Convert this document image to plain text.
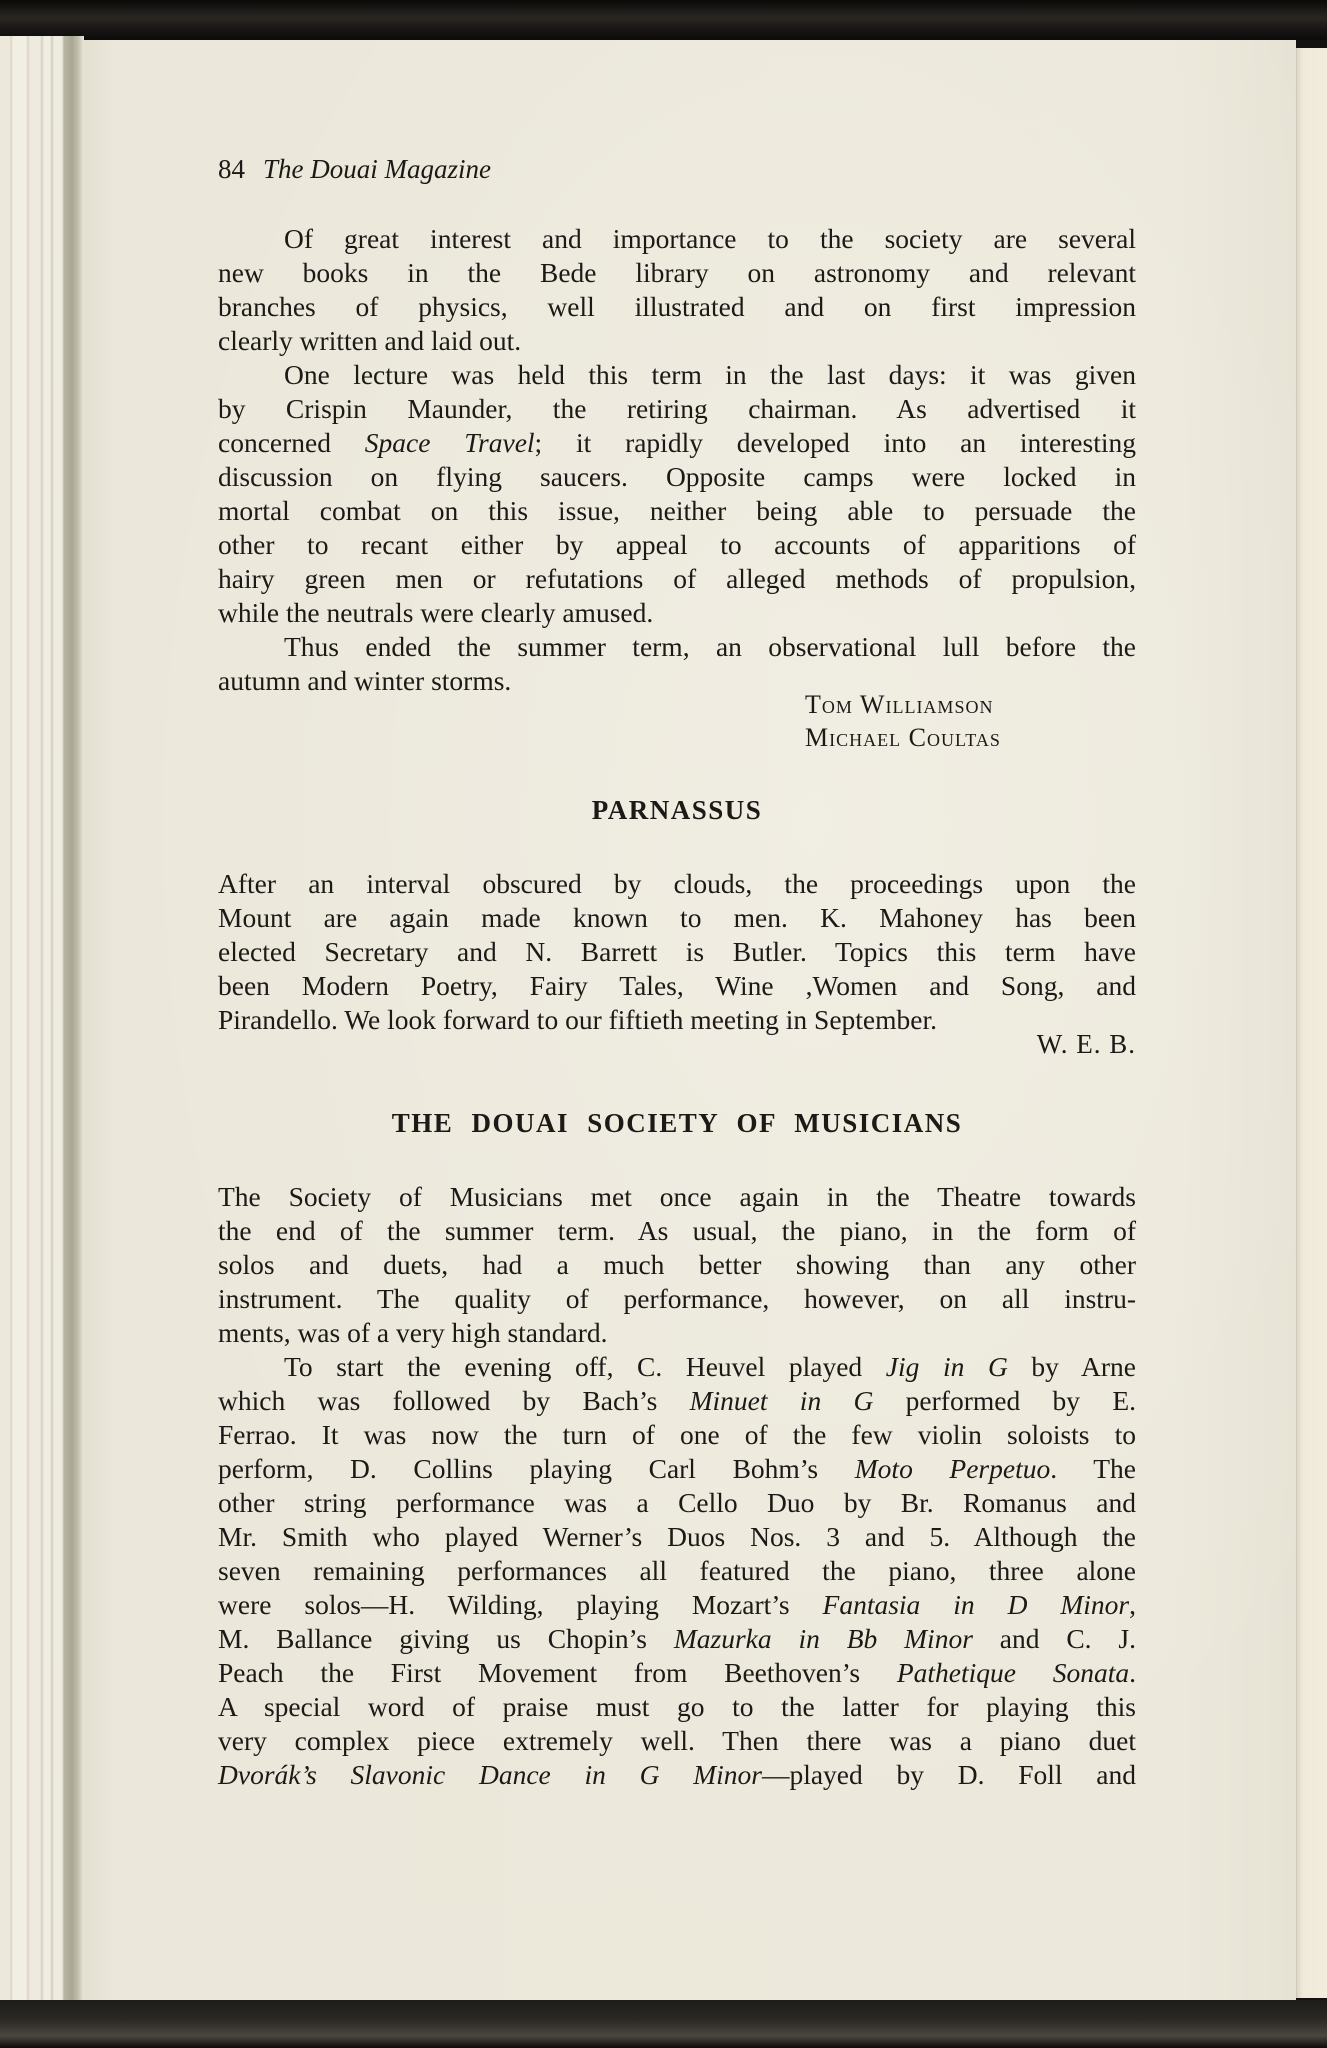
84 The Douai Magazine
Of great interest and importance to the society are several
new books in the Bede library on astronomy and relevant
branches of physics, well illustrated and on first impression
clearly written and laid out.
One lecture was held this term in the last days: it was given
by Crispin Maunder, the retiring chairman. As advertised it
concerned Space Travel; it rapidly developed into an interesting
discussion on flying saucers. Opposite camps were locked in
mortal combat on this issue, neither being able to persuade the
other to recant either by appeal to accounts of apparitions of
hairy green men or refutations of alleged methods of propulsion,
while the neutrals were clearly amused.
Thus ended the summer term, an observational lull before the
autumn and winter storms.
Tom Williamson
Michael Coultas
PARNASSUS
After an interval obscured by clouds, the proceedings upon the
Mount are again made known to men. K. Mahoney has been
elected Secretary and N. Barrett is Butler. Topics this term have
been Modern Poetry, Fairy Tales, Wine ,Women and Song, and
Pirandello. We look forward to our fiftieth meeting in September.
W. E. B.
THE DOUAI SOCIETY OF MUSICIANS
The Society of Musicians met once again in the Theatre towards
the end of the summer term. As usual, the piano, in the form of
solos and duets, had a much better showing than any other
instrument. The quality of performance, however, on all instru-
ments, was of a very high standard.
To start the evening off, C. Heuvel played Jig in G by Arne
which was followed by Bach’s Minuet in G performed by E.
Ferrao. It was now the turn of one of the few violin soloists to
perform, D. Collins playing Carl Bohm’s Moto Perpetuo. The
other string performance was a Cello Duo by Br. Romanus and
Mr. Smith who played Werner’s Duos Nos. 3 and 5. Although the
seven remaining performances all featured the piano, three alone
were solos—H. Wilding, playing Mozart’s Fantasia in D Minor,
M. Ballance giving us Chopin’s Mazurka in Bb Minor and C. J.
Peach the First Movement from Beethoven’s Pathetique Sonata.
A special word of praise must go to the latter for playing this
very complex piece extremely well. Then there was a piano duet
Dvorák’s Slavonic Dance in G Minor—played by D. Foll and
